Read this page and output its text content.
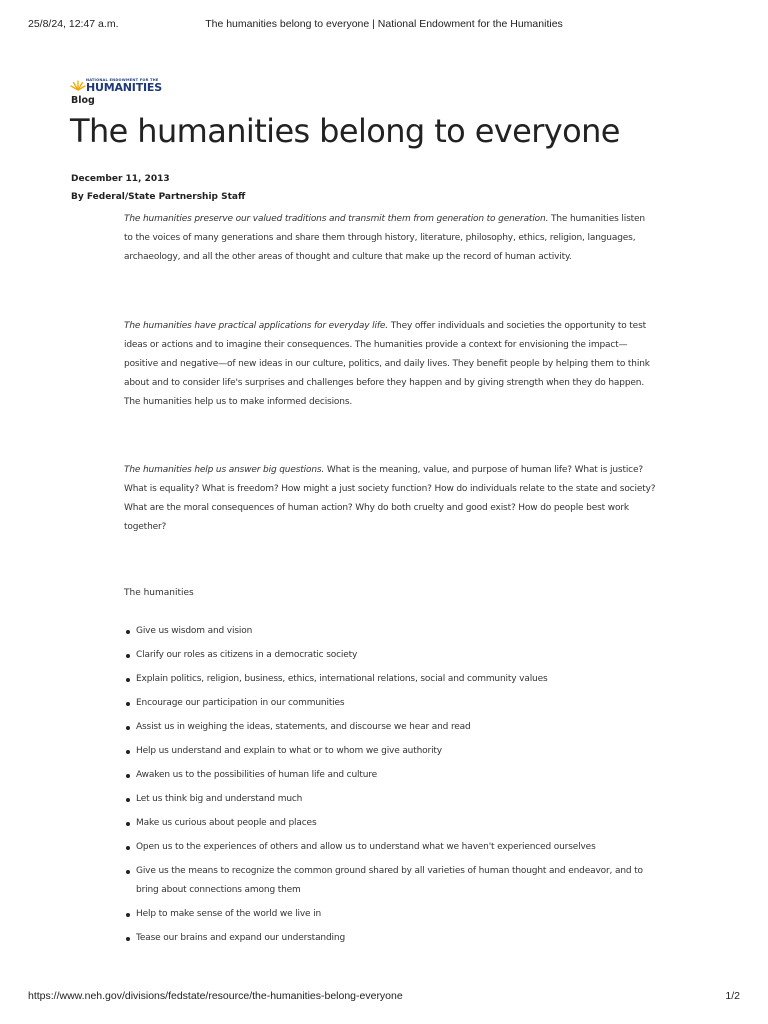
25/8/24, 12:47 a.m.	The humanities belong to everyone | National Endowment for the Humanities
NATIONAL ENDOWMENT FOR THE
HUMANITIES
Blog
The humanities belong to everyone
December 11, 2013
By Federal/State Partnership Staff

The humanities preserve our valued traditions and transmit them from generation to generation. The humanities listen to the voices of many generations and share them through history, literature, philosophy, ethics, religion, languages, archaeology, and all the other areas of thought and culture that make up the record of human activity.

The humanities have practical applications for everyday life. They offer individuals and societies the opportunity to test ideas or actions and to imagine their consequences. The humanities provide a context for envisioning the impact—positive and negative—of new ideas in our culture, politics, and daily lives. They benefit people by helping them to think about and to consider life's surprises and challenges before they happen and by giving strength when they do happen. The humanities help us to make informed decisions.

The humanities help us answer big questions. What is the meaning, value, and purpose of human life? What is justice? What is equality? What is freedom? How might a just society function? How do individuals relate to the state and society? What are the moral consequences of human action? Why do both cruelty and good exist? How do people best work together?

The humanities
Give us wisdom and vision
Clarify our roles as citizens in a democratic society
Explain politics, religion, business, ethics, international relations, social and community values
Encourage our participation in our communities
Assist us in weighing the ideas, statements, and discourse we hear and read
Help us understand and explain to what or to whom we give authority
Awaken us to the possibilities of human life and culture
Let us think big and understand much
Make us curious about people and places
Open us to the experiences of others and allow us to understand what we haven't experienced ourselves
Give us the means to recognize the common ground shared by all varieties of human thought and endeavor, and to bring about connections among them
Help to make sense of the world we live in
Tease our brains and expand our understanding
https://www.neh.gov/divisions/fedstate/resource/the-humanities-belong-everyone	1/2
